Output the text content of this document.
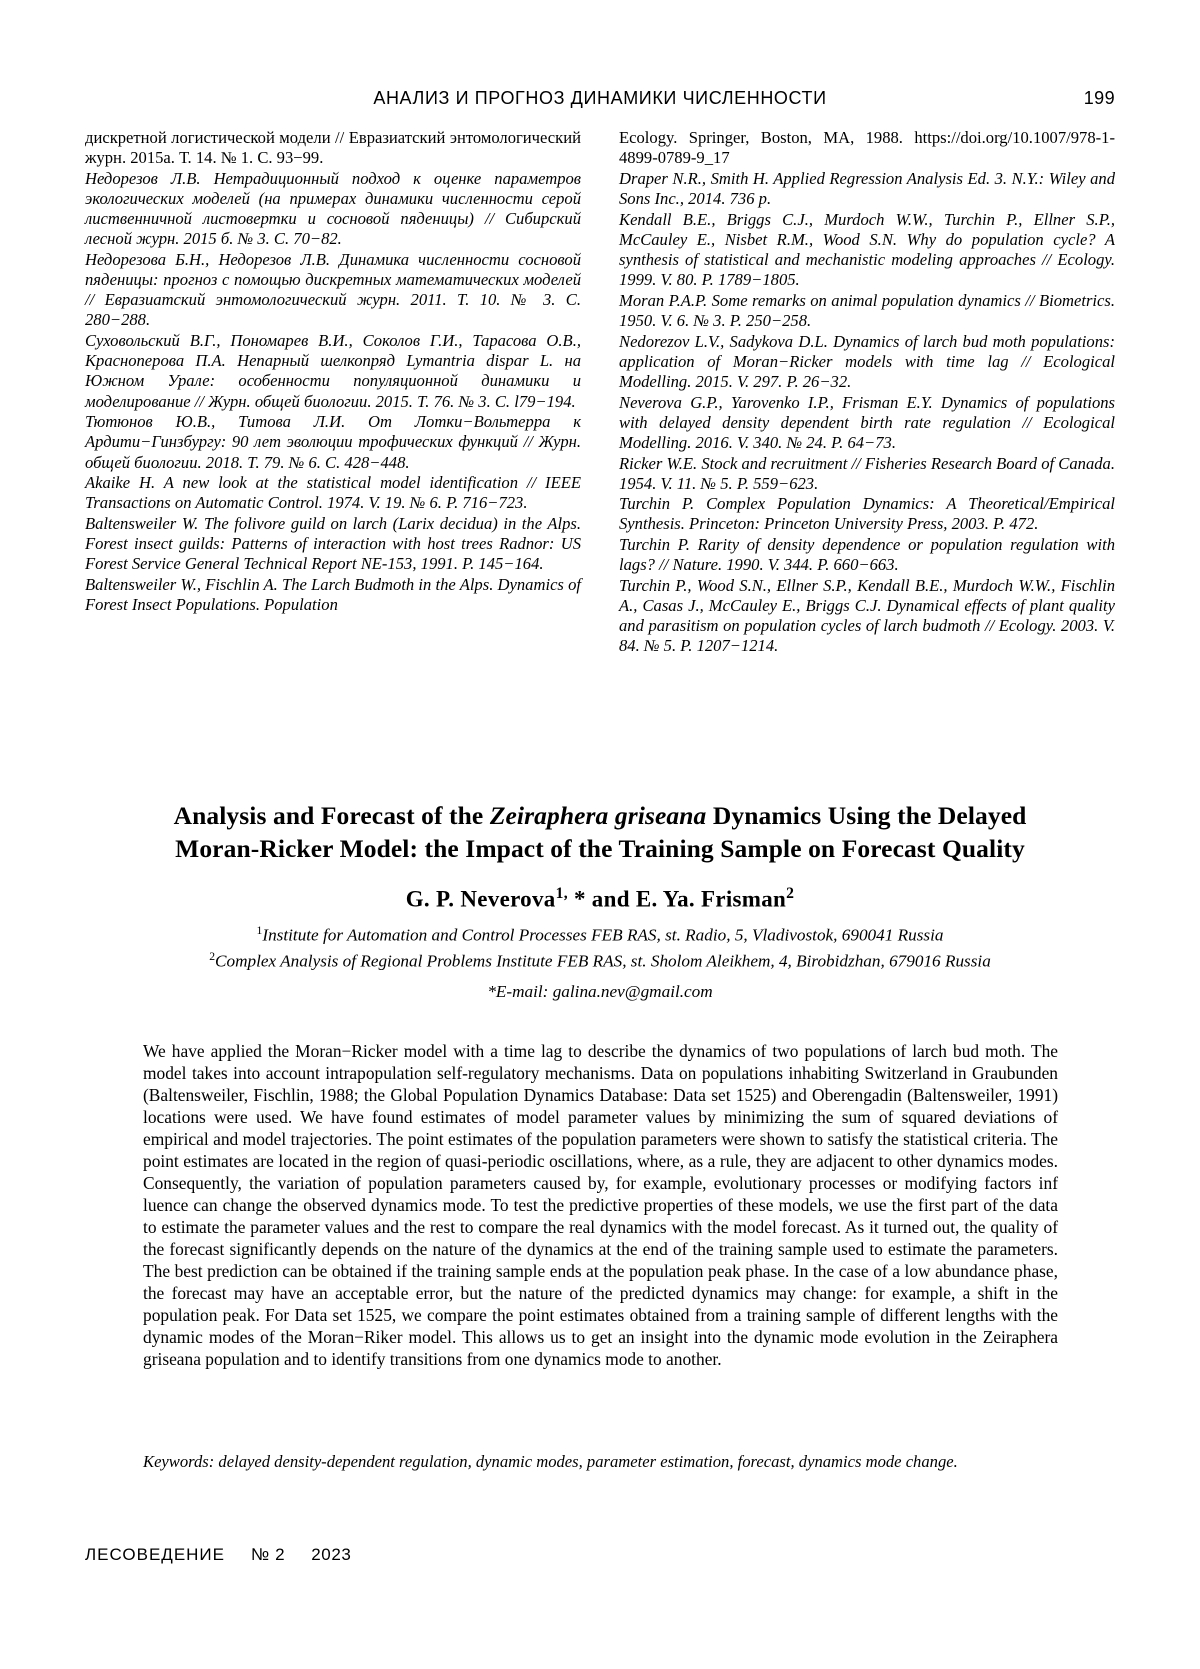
АНАЛИЗ И ПРОГНОЗ ДИНАМИКИ ЧИСЛЕННОСТИ	199

дискретной логистической модели // Евразиатский энтомологический журн. 2015а. Т. 14. № 1. С. 93−99.

Недорезов Л.В. Нетрадиционный подход к оценке параметров экологических моделей (на примерах динамики численности серой лиственничной листовертки и сосновой пяденицы) // Сибирский лесной журн. 2015 б. № 3. С. 70−82.

Недорезова Б.Н., Недорезов Л.В. Динамика численности сосновой пяденицы: прогноз с помощью дискретных математических моделей // Евразиатский энтомологический журн. 2011. Т. 10. № 3. С. 280−288.

Суховольский В.Г., Пономарев В.И., Соколов Г.И., Тарасова О.В., Красноперова П.А. Непарный шелкопряд Lymantria dispar L. на Южном Урале: особенности популяционной динамики и моделирование // Журн. общей биологии. 2015. Т. 76. № 3. С. l79−194.

Тютюнов Ю.В., Титова Л.И. От Лотки−Вольтерра к Ардити−Гинзбургу: 90 лет эволюции трофических функций // Журн. общей биологии. 2018. Т. 79. № 6. С. 428−448.

Akaike H. A new look at the statistical model identification // IEEE Transactions on Automatic Control. 1974. V. 19. № 6. P. 716−723.

Baltensweiler W. The folivore guild on larch (Larix decidua) in the Alps. Forest insect guilds: Patterns of interaction with host trees Radnor: US Forest Service General Technical Report NE-153, 1991. P. 145−164.

Baltensweiler W., Fischlin A. The Larch Budmoth in the Alps. Dynamics of Forest Insect Populations. Population

Ecology. Springer, Boston, MA, 1988. https://doi.org/10.1007/978-1-4899-0789-9_17

Draper N.R., Smith H. Applied Regression Analysis Ed. 3. N.Y.: Wiley and Sons Inc., 2014. 736 p.

Kendall B.E., Briggs C.J., Murdoch W.W., Turchin P., Ellner S.P., McCauley E., Nisbet R.M., Wood S.N. Why do population cycle? A synthesis of statistical and mechanistic modeling approaches // Ecology. 1999. V. 80. P. 1789−1805.

Moran P.A.P. Some remarks on animal population dynamics // Biometrics. 1950. V. 6. № 3. P. 250−258.

Nedorezov L.V., Sadykova D.L. Dynamics of larch bud moth populations: application of Moran−Ricker models with time lag // Ecological Modelling. 2015. V. 297. P. 26−32.

Neverova G.P., Yarovenko I.P., Frisman E.Y. Dynamics of populations with delayed density dependent birth rate regulation // Ecological Modelling. 2016. V. 340. № 24. P. 64−73.

Ricker W.E. Stock and recruitment // Fisheries Research Board of Canada. 1954. V. 11. № 5. P. 559−623.

Turchin P. Complex Population Dynamics: A Theoretical/Empirical Synthesis. Princeton: Princeton University Press, 2003. P. 472.

Turchin P. Rarity of density dependence or population regulation with lags? // Nature. 1990. V. 344. P. 660−663.

Turchin P., Wood S.N., Ellner S.P., Kendall B.E., Murdoch W.W., Fischlin A., Casas J., McCauley E., Briggs C.J. Dynamical effects of plant quality and parasitism on population cycles of larch budmoth // Ecology. 2003. V. 84. № 5. P. 1207−1214.

Analysis and Forecast of the Zeiraphera griseana Dynamics Using the Delayed
Moran-Ricker Model: the Impact of the Training Sample on Forecast Quality
G. P. Neverova$^{1,}$ * and E. Ya. Frisman$^2$
$^1$Institute for Automation and Control Processes FEB RAS, st. Radio, 5, Vladivostok, 690041 Russia
$^2$Complex Analysis of Regional Problems Institute FEB RAS, st. Sholom Aleikhem, 4, Birobidzhan, 679016 Russia
*E-mail: galina.nev@gmail.com
We have applied the Moran−Ricker model with a time lag to describe the dynamics of two populations of larch bud moth. The model takes into account intrapopulation self-regulatory mechanisms. Data on populations inhabiting Switzerland in Graubunden (Baltensweiler, Fischlin, 1988; the Global Population Dynamics Database: Data set 1525) and Oberengadin (Baltensweiler, 1991) locations were used. We have found estimates of model parameter values by minimizing the sum of squared deviations of empirical and model trajectories. The point estimates of the population parameters were shown to satisfy the statistical criteria. The point estimates are located in the region of quasi-periodic oscillations, where, as a rule, they are adjacent to other dynamics modes. Consequently, the variation of population parameters caused by, for example, evolutionary processes or modifying factors inf​luence can change the observed dynamics mode. To test the predictive properties of these models, we use the first part of the data to estimate the parameter values and the rest to compare the real dynamics with the model forecast. As it turned out, the quality of the forecast significantly depends on the nature of the dynamics at the end of the training sample used to estimate the parameters. The best prediction can be obtained if the training sample ends at the population peak phase. In the case of a low abundance phase, the forecast may have an acceptable error, but the nature of the predicted dynamics may change: for example, a shift in the population peak. For Data set 1525, we compare the point estimates obtained from a training sample of different lengths with the dynamic modes of the Moran−Riker model. This allows us to get an insight into the dynamic mode evolution in the Zeiraphera griseana population and to identify transitions from one dynamics mode to another.
Keywords: delayed density-dependent regulation, dynamic modes, parameter estimation, forecast, dynamics mode change.
ЛЕСОВЕДЕНИЕ № 2 2023
